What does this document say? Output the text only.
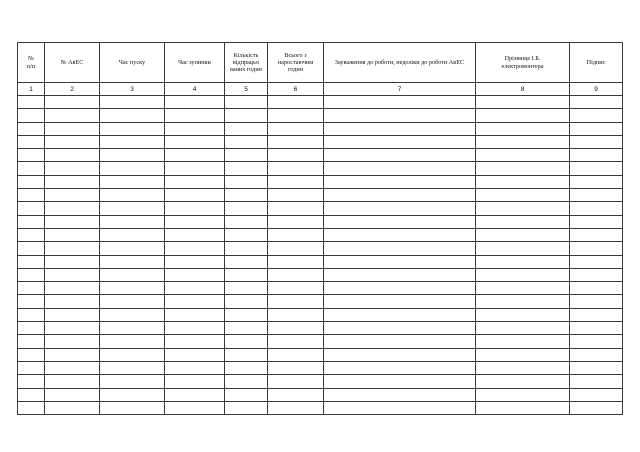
№ п/п	№ АвЕС	Час пуску	Час зупинки	Кількість відпрацьо ваних годин	Всього з наростаючим годин	Зауваження до роботи, недоліки до роботи АвЕС	Прізвище І.Б. електромонтера	Підпис
1	2	3	4	5	6	7	8	9
